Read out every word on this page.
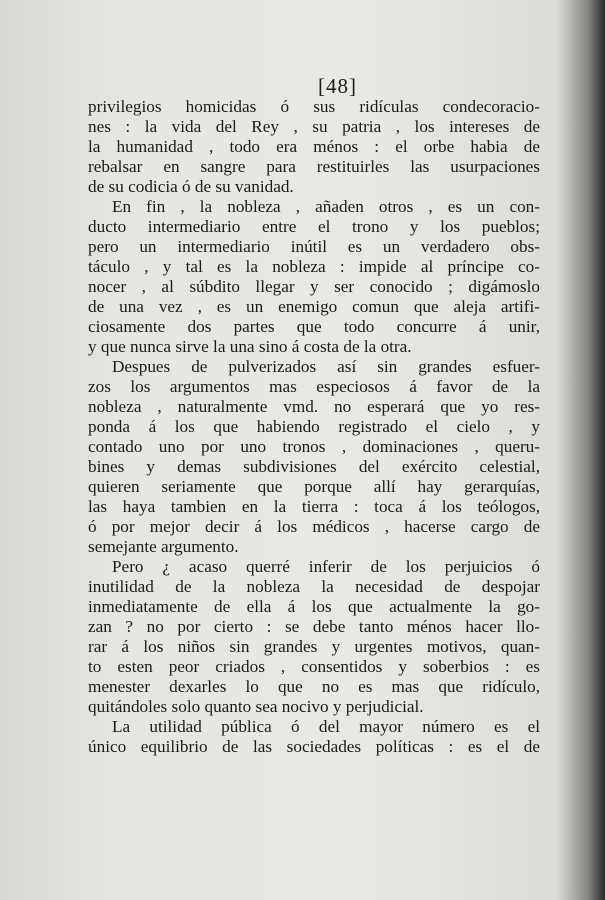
[48]
privilegios homicidas ó sus ridículas condecoracio-
nes : la vida del Rey , su patria , los intereses de
la humanidad , todo era ménos : el orbe habia de
rebalsar en sangre para restituirles las usurpaciones
de su codicia ó de su vanidad.
En fin , la nobleza , añaden otros , es un con-
ducto intermediario entre el trono y los pueblos;
pero un intermediario inútil es un verdadero obs-
táculo , y tal es la nobleza : impide al príncipe co-
nocer , al súbdito llegar y ser conocido ; digámoslo
de una vez , es un enemigo comun que aleja artifi-
ciosamente dos partes que todo concurre á unir,
y que nunca sirve la una sino á costa de la otra.
Despues de pulverizados así sin grandes esfuer-
zos los argumentos mas especiosos á favor de la
nobleza , naturalmente vmd. no esperará que yo res-
ponda á los que habiendo registrado el cielo , y
contado uno por uno tronos , dominaciones , queru-
bines y demas subdivisiones del exército celestial,
quieren seriamente que porque allí hay gerarquías,
las haya tambien en la tierra : toca á los teólogos,
ó por mejor decir á los médicos , hacerse cargo de
semejante argumento.
Pero ¿ acaso querré inferir de los perjuicios ó
inutilidad de la nobleza la necesidad de despojar
inmediatamente de ella á los que actualmente la go-
zan ? no por cierto : se debe tanto ménos hacer llo-
rar á los niños sin grandes y urgentes motivos, quan-
to esten peor criados , consentidos y soberbios : es
menester dexarles lo que no es mas que ridículo,
quitándoles solo quanto sea nocivo y perjudicial.
La utilidad pública ó del mayor número es el
único equilibrio de las sociedades políticas : es el de
